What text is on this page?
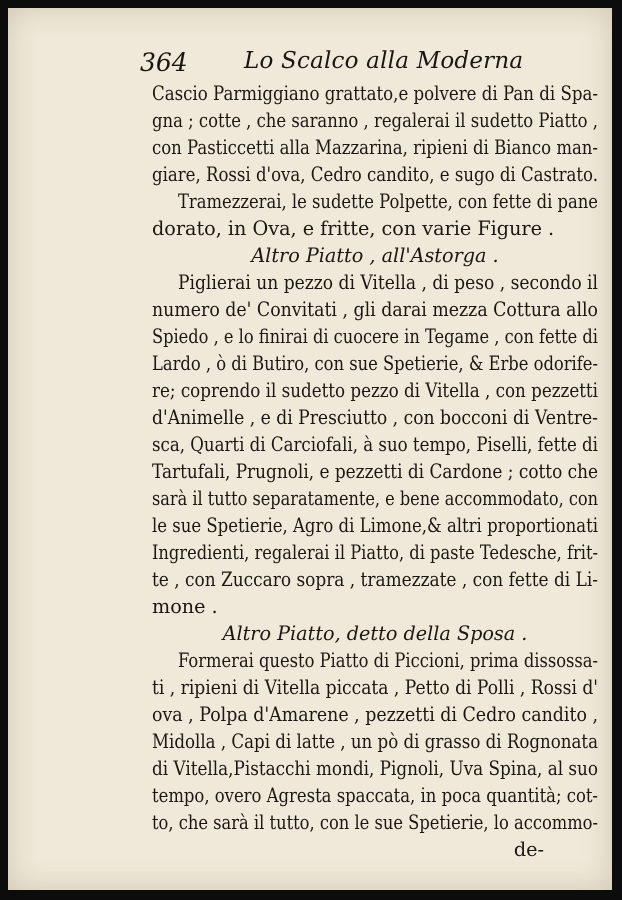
364 Lo Scalco alla Moderna
Cascio Parmiggiano grattato,e polvere di Pan di Spa-
gna ; cotte , che saranno , regalerai il sudetto Piatto ,
con Pasticcetti alla Mazzarina, ripieni di Bianco man-
giare, Rossi d'ova, Cedro candito, e sugo di Castrato.
Tramezzerai, le sudette Polpette, con fette di pane
dorato, in Ova, e fritte, con varie Figure .
Altro Piatto , all'Astorga .
Piglierai un pezzo di Vitella , di peso , secondo il
numero de' Convitati , gli darai mezza Cottura allo
Spiedo , e lo finirai di cuocere in Tegame , con fette di
Lardo , ò di Butiro, con sue Spetierie, & Erbe odorife-
re; coprendo il sudetto pezzo di Vitella , con pezzetti
d'Animelle , e di Presciutto , con bocconi di Ventre-
sca, Quarti di Carciofali, à suo tempo, Piselli, fette di
Tartufali, Prugnoli, e pezzetti di Cardone ; cotto che
sarà il tutto separatamente, e bene accommodato, con
le sue Spetierie, Agro di Limone,& altri proportionati
Ingredienti, regalerai il Piatto, di paste Tedesche, frit-
te , con Zuccaro sopra , tramezzate , con fette di Li-
mone .
Altro Piatto, detto della Sposa .
Formerai questo Piatto di Piccioni, prima dissossa-
ti , ripieni di Vitella piccata , Petto di Polli , Rossi d'
ova , Polpa d'Amarene , pezzetti di Cedro candito ,
Midolla , Capi di latte , un pò di grasso di Rognonata
di Vitella,Pistacchi mondi, Pignoli, Uva Spina, al suo
tempo, overo Agresta spaccata, in poca quantità; cot-
to, che sarà il tutto, con le sue Spetierie, lo accommo-
de-
